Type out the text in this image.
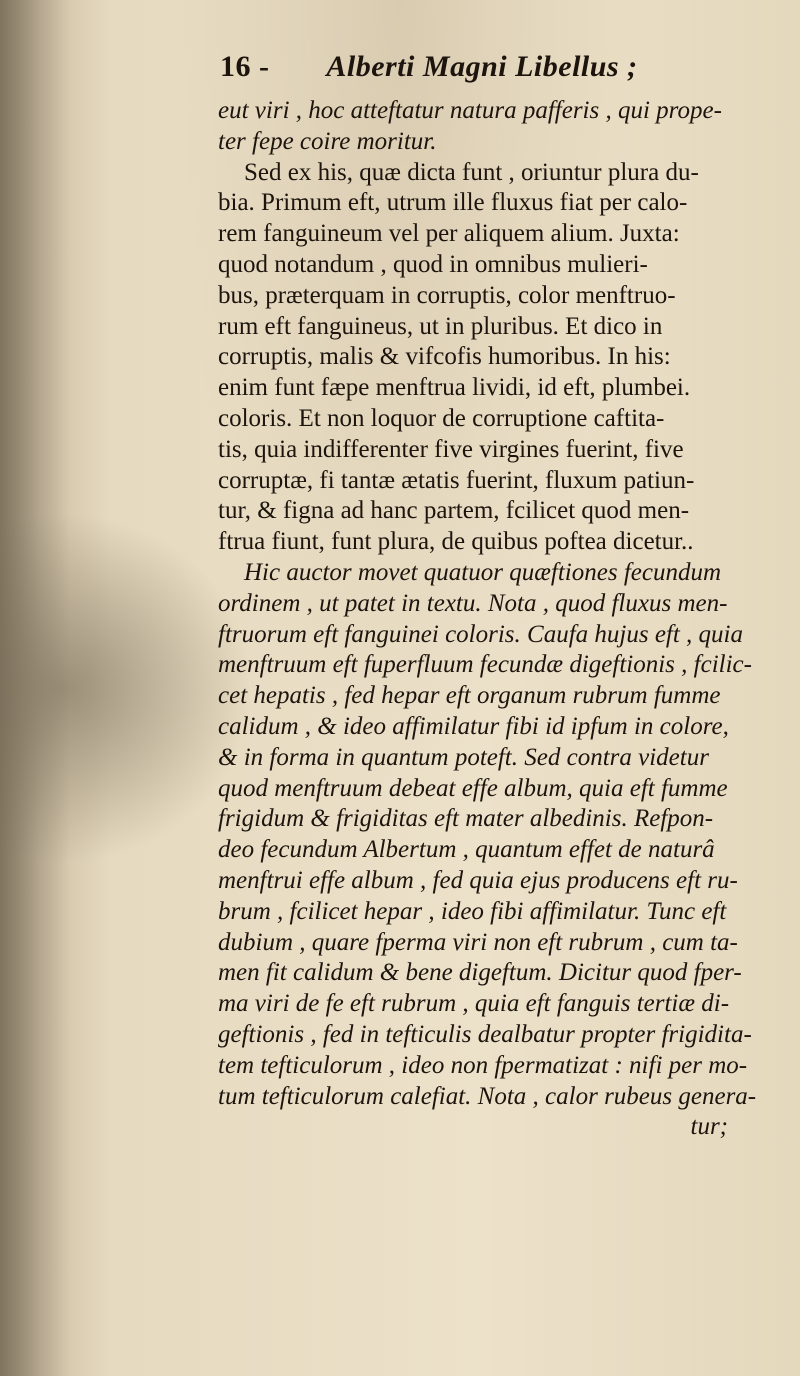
16 - Alberti Magni Libellus ;
eut viri , hoc atteftatur natura pafferis , qui prope-
ter fepe coire moritur.
Sed ex his, quæ dicta funt , oriuntur plura du-
bia. Primum eft, utrum ille fluxus fiat per calo-
rem fanguineum vel per aliquem alium. Juxta:
quod notandum , quod in omnibus mulieri-
bus, præterquam in corruptis, color menftruo-
rum eft fanguineus, ut in pluribus. Et dico in
corruptis, malis & vifcofis humoribus. In his:
enim funt fæpe menftrua lividi, id eft, plumbei.
coloris. Et non loquor de corruptione caftita-
tis, quia indifferenter five virgines fuerint, five
corruptæ, fi tantæ ætatis fuerint, fluxum patiun-
tur, & figna ad hanc partem, fcilicet quod men-
ftrua fiunt, funt plura, de quibus poftea dicetur..
Hic auctor movet quatuor quæftiones fecundum
ordinem , ut patet in textu. Nota , quod fluxus men-
ftruorum eft fanguinei coloris. Caufa hujus eft , quia
menftruum eft fuperfluum fecundæ digeftionis , fcilic-
cet hepatis , fed hepar eft organum rubrum fumme
calidum , & ideo affimilatur fibi id ipfum in colore,
& in forma in quantum poteft. Sed contra videtur
quod menftruum debeat effe album, quia eft fumme
frigidum & frigiditas eft mater albedinis. Refpon-
deo fecundum Albertum , quantum effet de naturâ
menftrui effe album , fed quia ejus producens eft ru-
brum , fcilicet hepar , ideo fibi affimilatur. Tunc eft
dubium , quare fperma viri non eft rubrum , cum ta-
men fit calidum & bene digeftum. Dicitur quod fper-
ma viri de fe eft rubrum , quia eft fanguis tertiæ di-
geftionis , fed in tefticulis dealbatur propter frigidita-
tem tefticulorum , ideo non fpermatizat : nifi per mo-
tum tefticulorum calefiat. Nota , calor rubeus genera-
tur;
